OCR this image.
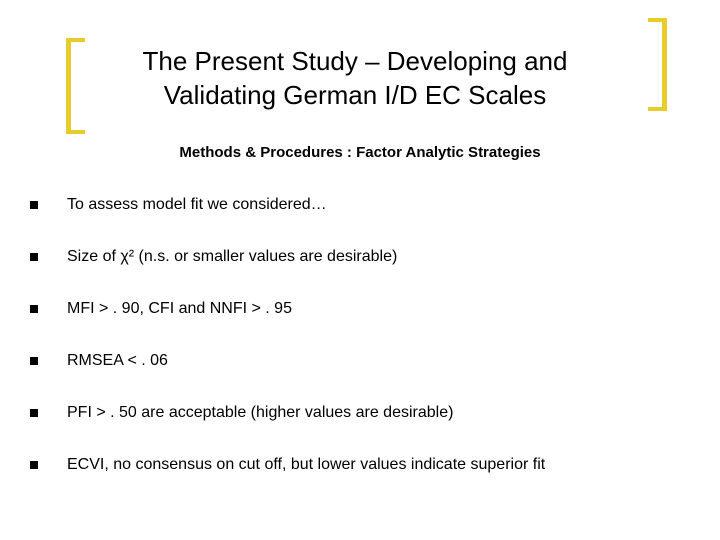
The Present Study – Developing and
Validating German I/D EC Scales
Methods & Procedures : Factor Analytic Strategies
To assess model fit we considered…
Size of χ² (n.s. or smaller values are desirable)
MFI > . 90, CFI and NNFI > . 95
RMSEA < . 06
PFI > . 50 are acceptable (higher values are desirable)
ECVI, no consensus on cut off, but lower values indicate superior fit
